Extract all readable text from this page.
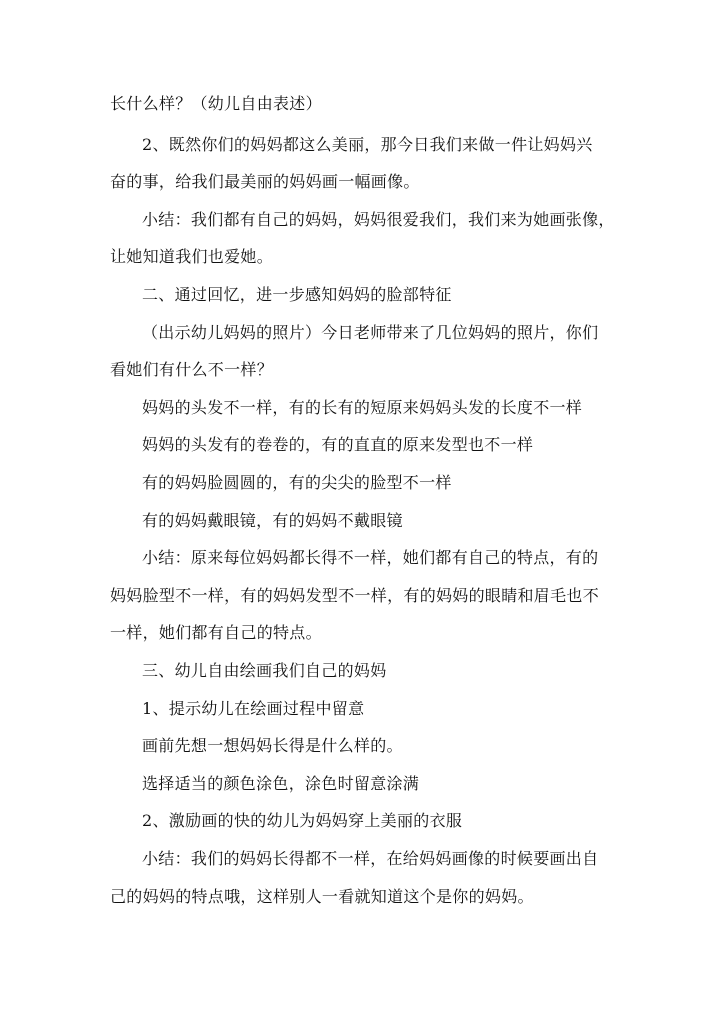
长什么样？（幼儿自由表述）
2、既然你们的妈妈都这么美丽，那今日我们来做一件让妈妈兴
奋的事，给我们最美丽的妈妈画一幅画像。
小结：我们都有自己的妈妈，妈妈很爱我们，我们来为她画张像，
让她知道我们也爱她。
二、通过回忆，进一步感知妈妈的脸部特征
（出示幼儿妈妈的照片）今日老师带来了几位妈妈的照片，你们
看她们有什么不一样？
妈妈的头发不一样，有的长有的短原来妈妈头发的长度不一样
妈妈的头发有的卷卷的，有的直直的原来发型也不一样
有的妈妈脸圆圆的，有的尖尖的脸型不一样
有的妈妈戴眼镜，有的妈妈不戴眼镜
小结：原来每位妈妈都长得不一样，她们都有自己的特点，有的
妈妈脸型不一样，有的妈妈发型不一样，有的妈妈的眼睛和眉毛也不
一样，她们都有自己的特点。
三、幼儿自由绘画我们自己的妈妈
1、提示幼儿在绘画过程中留意
画前先想一想妈妈长得是什么样的。
选择适当的颜色涂色，涂色时留意涂满
2、激励画的快的幼儿为妈妈穿上美丽的衣服
小结：我们的妈妈长得都不一样，在给妈妈画像的时候要画出自
己的妈妈的特点哦，这样别人一看就知道这个是你的妈妈。
